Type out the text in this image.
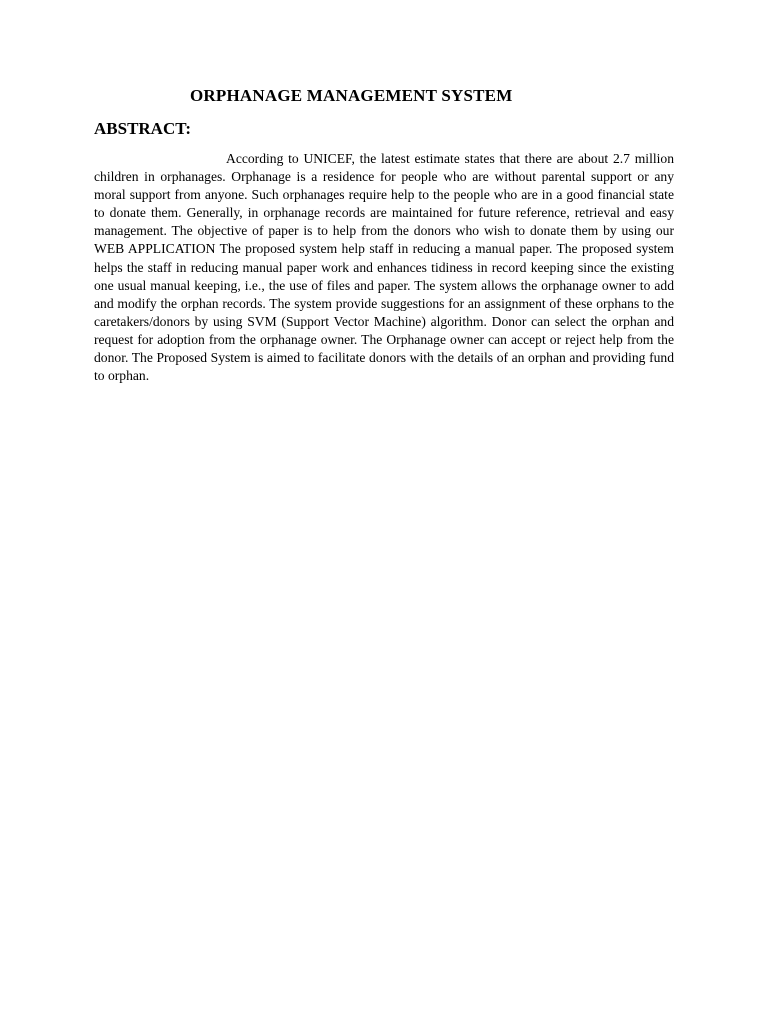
ORPHANAGE MANAGEMENT SYSTEM
ABSTRACT:

According to UNICEF, the latest estimate states that there are about 2.7 million children in orphanages. Orphanage is a residence for people who are without parental support or any moral support from anyone. Such orphanages require help to the people who are in a good financial state to donate them. Generally, in orphanage records are maintained for future reference, retrieval and easy management. The objective of paper is to help from the donors who wish to donate them by using our WEB APPLICATION The proposed system help staff in reducing a manual paper. The proposed system helps the staff in reducing manual paper work and enhances tidiness in record keeping since the existing one usual manual keeping, i.e., the use of files and paper. The system allows the orphanage owner to add and modify the orphan records. The system provide suggestions for an assignment of these orphans to the caretakers/donors by using SVM (Support Vector Machine) algorithm. Donor can select the orphan and request for adoption from the orphanage owner. The Orphanage owner can accept or reject help from the donor. The Proposed System is aimed to facilitate donors with the details of an orphan and providing fund to orphan.
